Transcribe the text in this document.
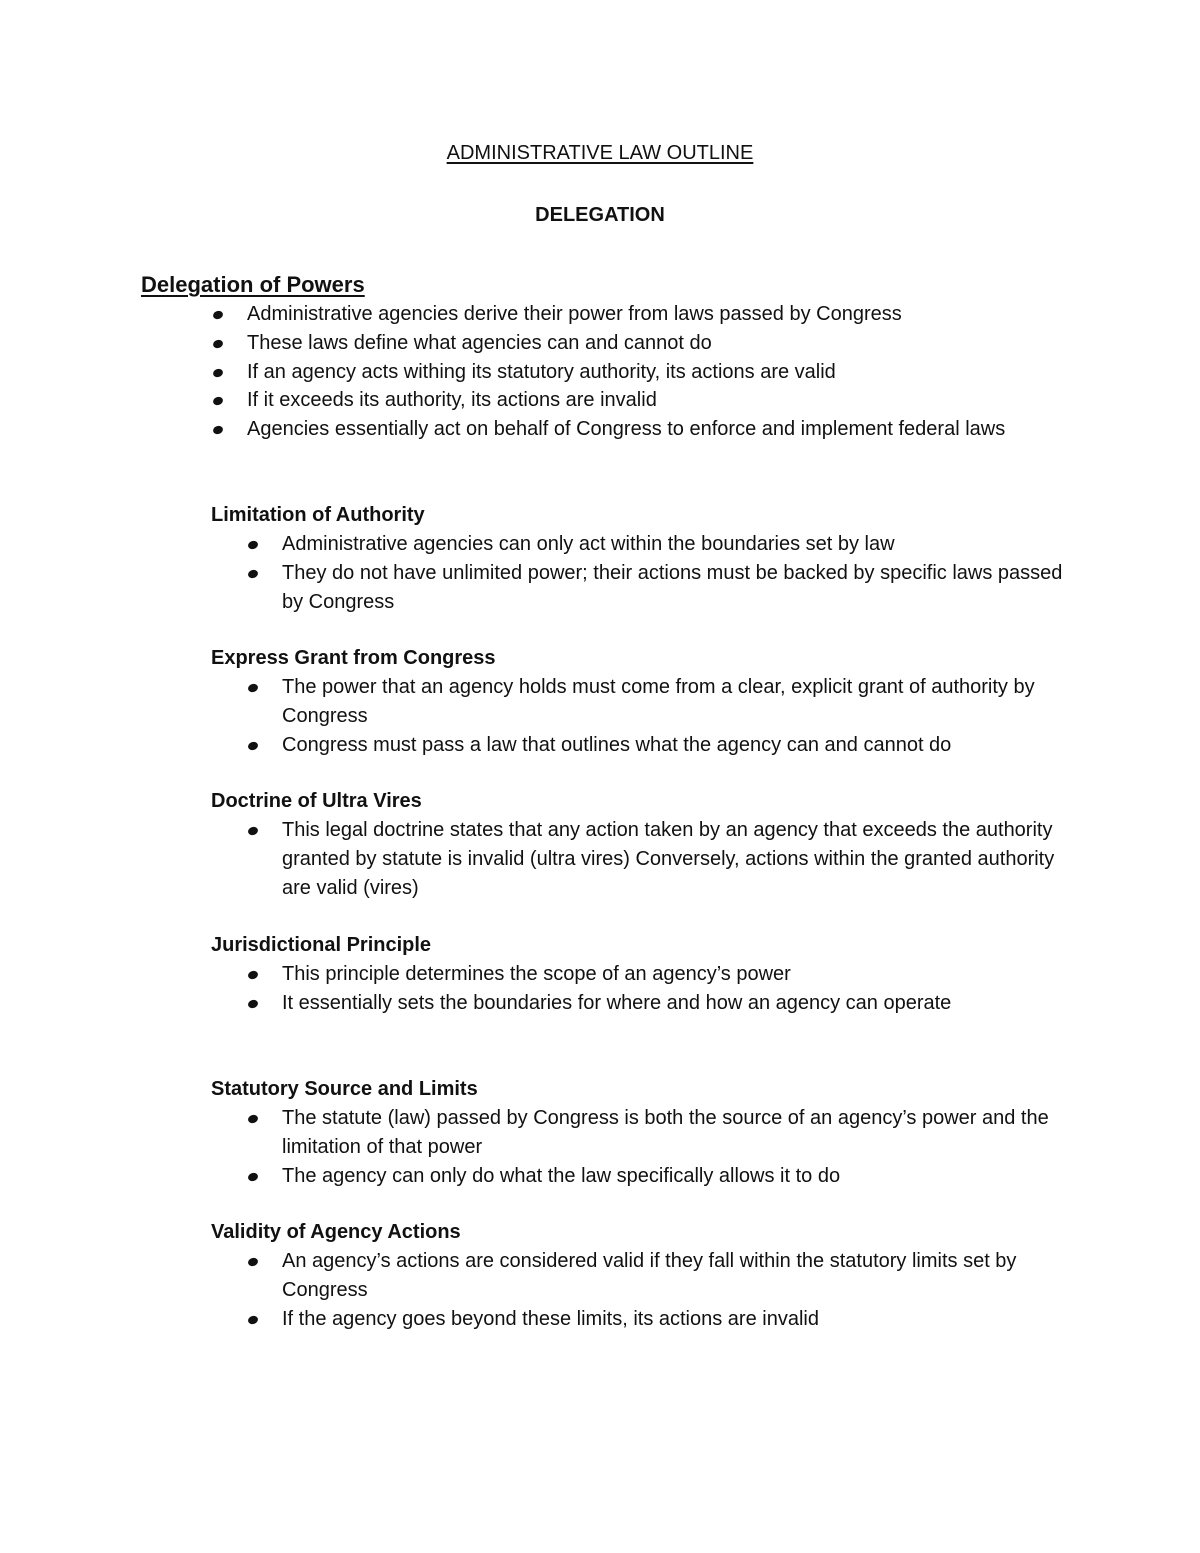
ADMINISTRATIVE LAW OUTLINE
DELEGATION
Delegation of Powers
Administrative agencies derive their power from laws passed by Congress
These laws define what agencies can and cannot do
If an agency acts withing its statutory authority, its actions are valid
If it exceeds its authority, its actions are invalid
Agencies essentially act on behalf of Congress to enforce and implement federal laws
Limitation of Authority
Administrative agencies can only act within the boundaries set by law
They do not have unlimited power; their actions must be backed by specific laws passed by Congress
Express Grant from Congress
The power that an agency holds must come from a clear, explicit grant of authority by Congress
Congress must pass a law that outlines what the agency can and cannot do
Doctrine of Ultra Vires
This legal doctrine states that any action taken by an agency that exceeds the authority granted by statute is invalid (ultra vires) Conversely, actions within the granted authority are valid (vires)
Jurisdictional Principle
This principle determines the scope of an agency’s power
It essentially sets the boundaries for where and how an agency can operate
Statutory Source and Limits
The statute (law) passed by Congress is both the source of an agency’s power and the limitation of that power
The agency can only do what the law specifically allows it to do
Validity of Agency Actions
An agency’s actions are considered valid if they fall within the statutory limits set by Congress
If the agency goes beyond these limits, its actions are invalid
